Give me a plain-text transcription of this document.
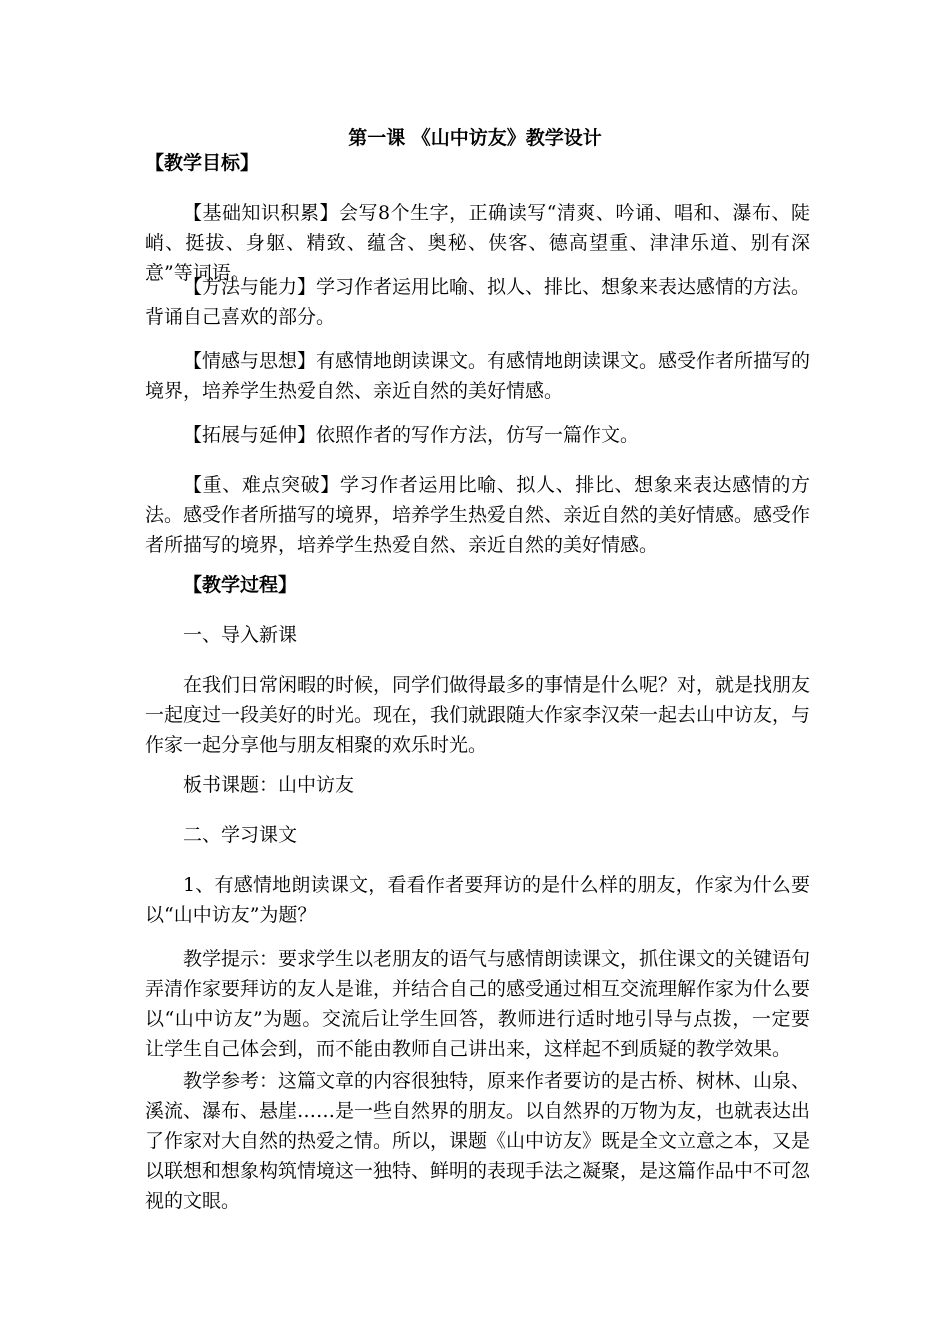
第一课 《山中访友》教学设计
【教学目标】

【基础知识积累】会写8个生字，正确读写“清爽、吟诵、唱和、瀑布、陡峭、挺拔、身躯、精致、蕴含、奥秘、侠客、德高望重、津津乐道、别有深意”等词语。

【方法与能力】学习作者运用比喻、拟人、排比、想象来表达感情的方法。背诵自己喜欢的部分。

【情感与思想】有感情地朗读课文。有感情地朗读课文。感受作者所描写的境界，培养学生热爱自然、亲近自然的美好情感。

【拓展与延伸】依照作者的写作方法，仿写一篇作文。

【重、难点突破】学习作者运用比喻、拟人、排比、想象来表达感情的方法。感受作者所描写的境界，培养学生热爱自然、亲近自然的美好情感。感受作者所描写的境界，培养学生热爱自然、亲近自然的美好情感。

【教学过程】

一、导入新课

在我们日常闲暇的时候，同学们做得最多的事情是什么呢？对，就是找朋友一起度过一段美好的时光。现在，我们就跟随大作家李汉荣一起去山中访友，与作家一起分享他与朋友相聚的欢乐时光。

板书课题：山中访友

二、学习课文

1、有感情地朗读课文，看看作者要拜访的是什么样的朋友，作家为什么要以“山中访友”为题？

教学提示：要求学生以老朋友的语气与感情朗读课文，抓住课文的关键语句弄清作家要拜访的友人是谁，并结合自己的感受通过相互交流理解作家为什么要以“山中访友”为题。交流后让学生回答，教师进行适时地引导与点拨，一定要让学生自己体会到，而不能由教师自己讲出来，这样起不到质疑的教学效果。

教学参考：这篇文章的内容很独特，原来作者要访的是古桥、树林、山泉、溪流、瀑布、悬崖……是一些自然界的朋友。以自然界的万物为友，也就表达出了作家对大自然的热爱之情。所以，课题《山中访友》既是全文立意之本，又是以联想和想象构筑情境这一独特、鲜明的表现手法之凝聚，是这篇作品中不可忽视的文眼。
